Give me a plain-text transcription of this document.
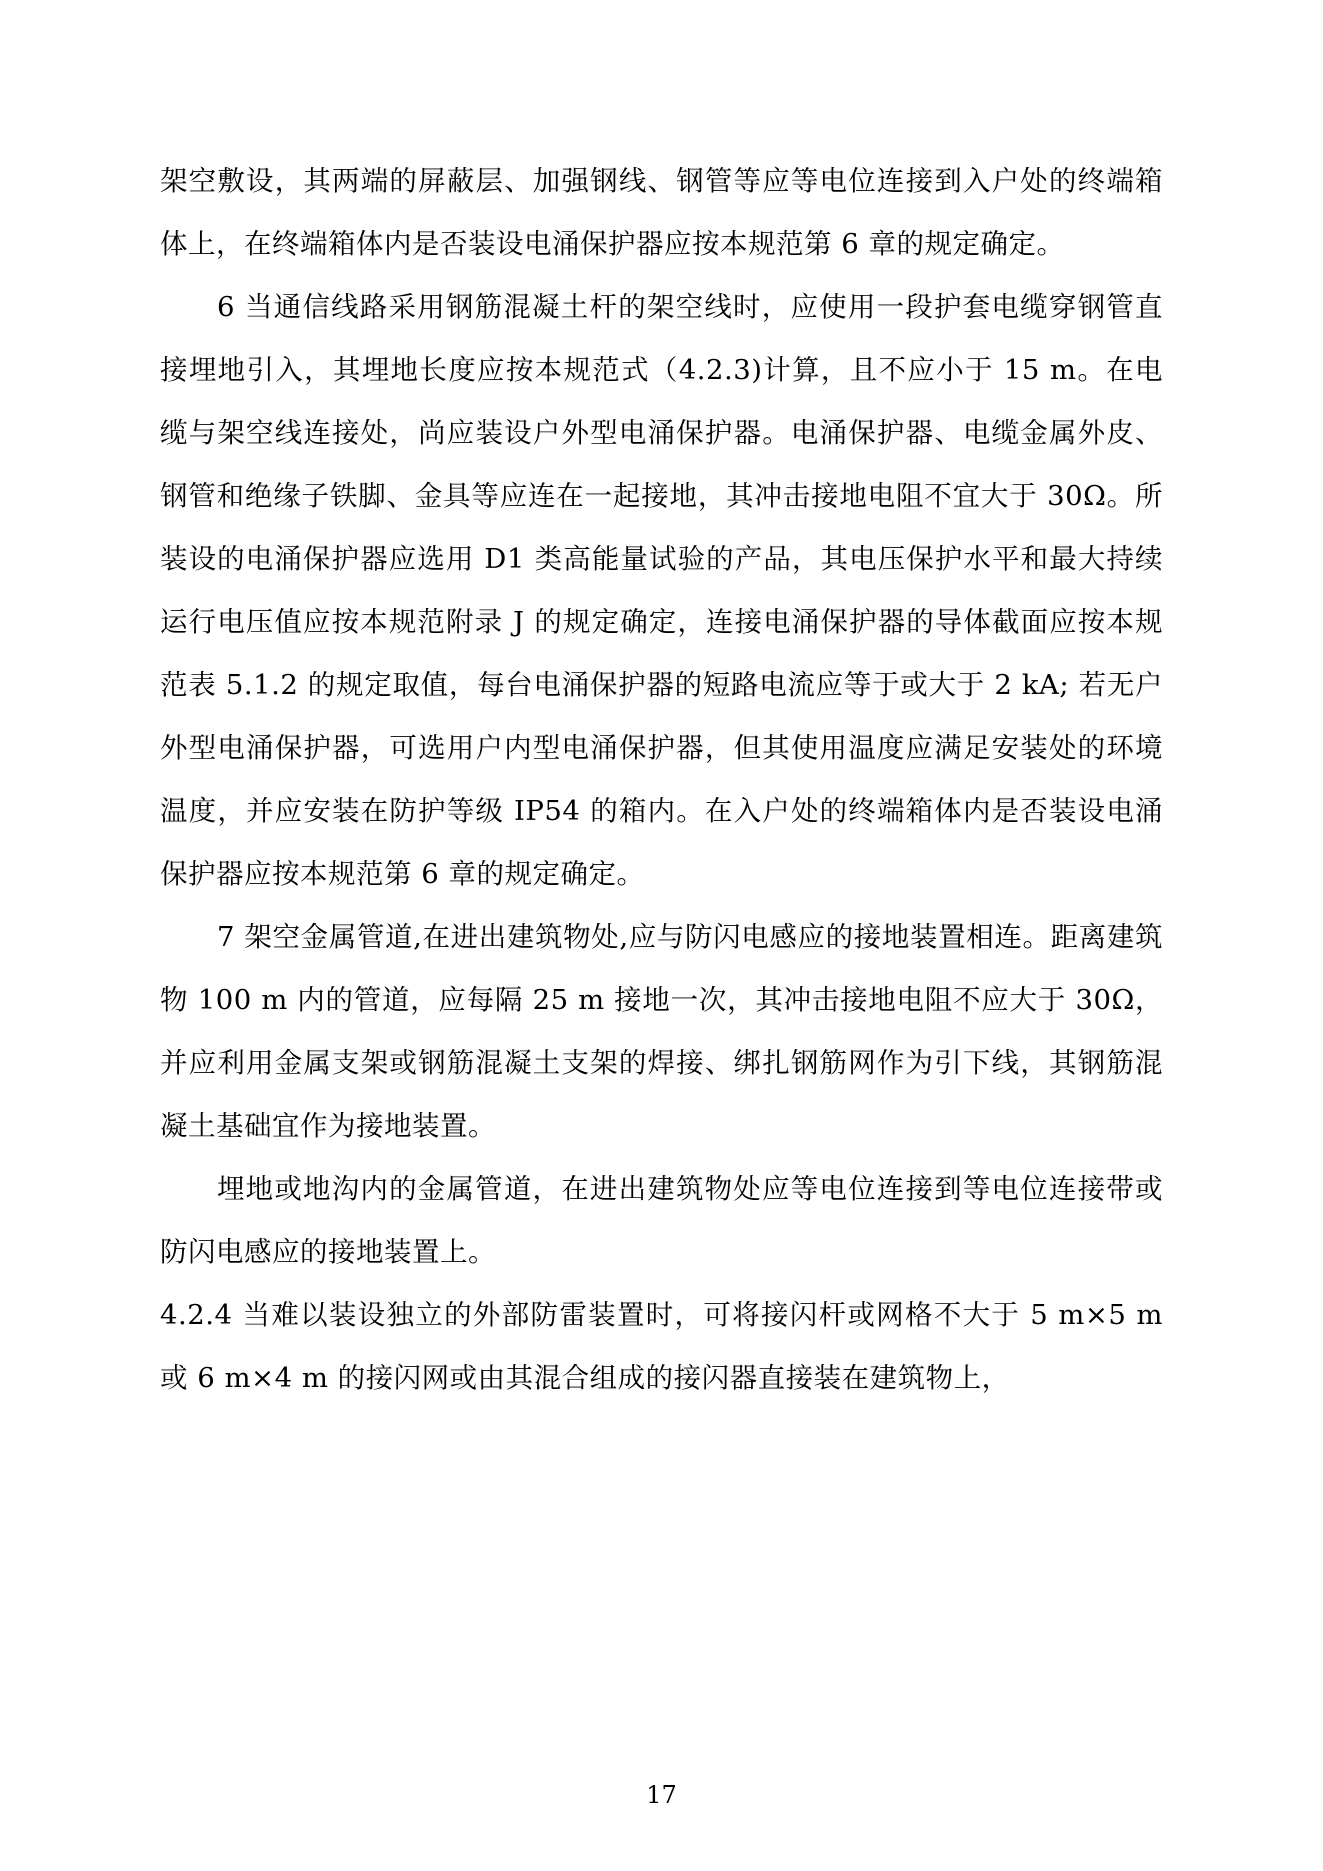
架空敷设，其两端的屏蔽层、加强钢线、钢管等应等电位连接到入户处的终端箱体上，在终端箱体内是否装设电涌保护器应按本规范第 6 章的规定确定。

6 当通信线路采用钢筋混凝土杆的架空线时，应使用一段护套电缆穿钢管直接埋地引入，其埋地长度应按本规范式（4.2.3)计算，且不应小于 15 m。在电缆与架空线连接处，尚应装设户外型电涌保护器。电涌保护器、电缆金属外皮、钢管和绝缘子铁脚、金具等应连在一起接地，其冲击接地电阻不宜大于 30Ω。所装设的电涌保护器应选用 D1 类高能量试验的产品，其电压保护水平和最大持续运行电压值应按本规范附录 J 的规定确定，连接电涌保护器的导体截面应按本规范表 5.1.2 的规定取值，每台电涌保护器的短路电流应等于或大于 2 kA; 若无户外型电涌保护器，可选用户内型电涌保护器，但其使用温度应满足安装处的环境温度，并应安装在防护等级 IP54 的箱内。在入户处的终端箱体内是否装设电涌保护器应按本规范第 6 章的规定确定。

7 架空金属管道,在进出建筑物处,应与防闪电感应的接地装置相连。距离建筑物 100 m 内的管道，应每隔 25 m 接地一次，其冲击接地电阻不应大于 30Ω，并应利用金属支架或钢筋混凝土支架的焊接、绑扎钢筋网作为引下线，其钢筋混凝土基础宜作为接地装置。

埋地或地沟内的金属管道，在进出建筑物处应等电位连接到等电位连接带或防闪电感应的接地装置上。

4.2.4 当难以装设独立的外部防雷装置时，可将接闪杆或网格不大于 5 m×5 m 或 6 m×4 m 的接闪网或由其混合组成的接闪器直接装在建筑物上，

17
